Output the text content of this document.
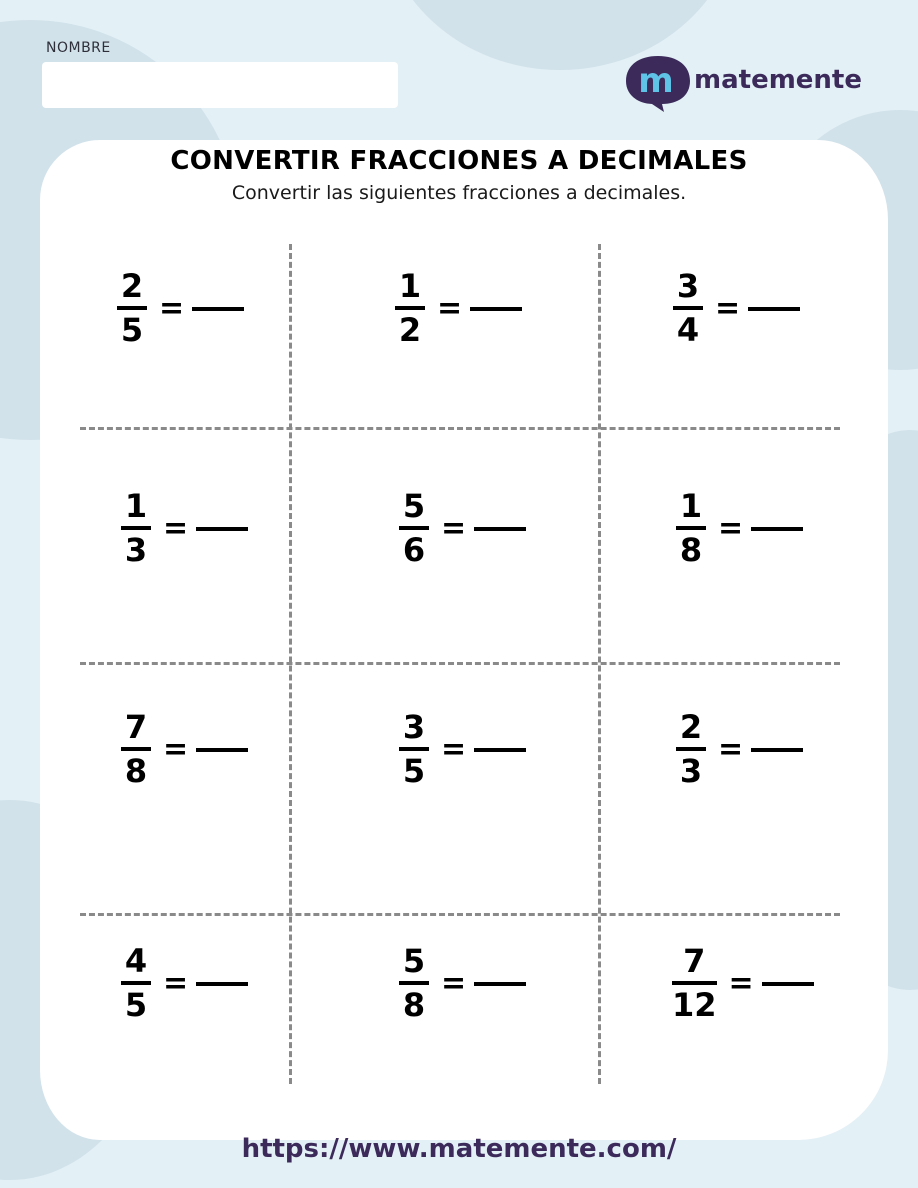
NOMBRE
m matemente
CONVERTIR FRACCIONES A DECIMALES
Convertir las siguientes fracciones a decimales.
$\frac{2}{5}$ =	$\frac{1}{2}$ =	$\frac{3}{4}$ =
$\frac{1}{3}$ =	$\frac{5}{6}$ =	$\frac{1}{8}$ =
$\frac{7}{8}$ =	$\frac{3}{5}$ =	$\frac{2}{3}$ =
$\frac{4}{5}$ =	$\frac{5}{8}$ =	$\frac{7}{12}$ =
https://www.matemente.com/
